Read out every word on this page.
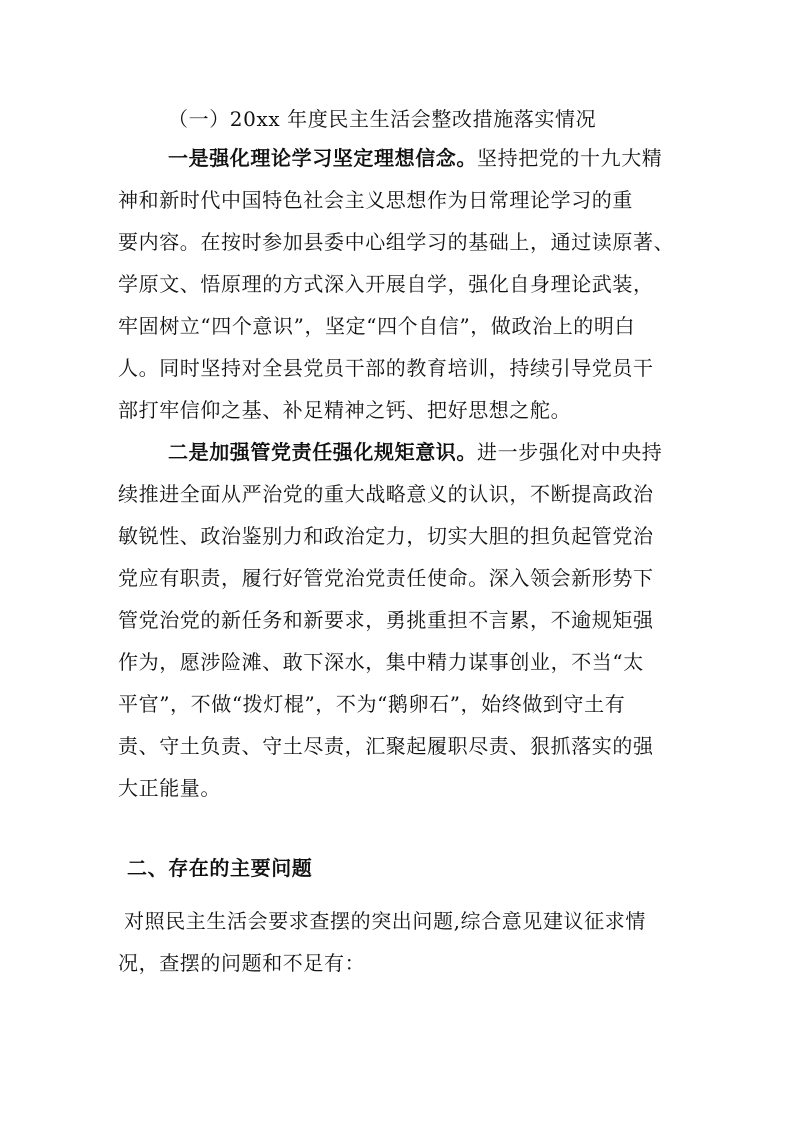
（一）20xx 年度民主生活会整改措施落实情况
一是强化理论学习坚定理想信念。坚持把党的十九大精
神和新时代中国特色社会主义思想作为日常理论学习的重
要内容。在按时参加县委中心组学习的基础上，通过读原著、
学原文、悟原理的方式深入开展自学，强化自身理论武装，
牢固树立“四个意识”，坚定“四个自信”，做政治上的明白
人。同时坚持对全县党员干部的教育培训，持续引导党员干
部打牢信仰之基、补足精神之钙、把好思想之舵。
二是加强管党责任强化规矩意识。进一步强化对中央持
续推进全面从严治党的重大战略意义的认识，不断提高政治
敏锐性、政治鉴别力和政治定力，切实大胆的担负起管党治
党应有职责，履行好管党治党责任使命。深入领会新形势下
管党治党的新任务和新要求，勇挑重担不言累，不逾规矩强
作为，愿涉险滩、敢下深水，集中精力谋事创业，不当“太
平官”，不做“拨灯棍”，不为“鹅卵石”，始终做到守土有
责、守土负责、守土尽责，汇聚起履职尽责、狠抓落实的强
大正能量。
二、存在的主要问题
对照民主生活会要求查摆的突出问题,综合意见建议征求情
况，查摆的问题和不足有：
